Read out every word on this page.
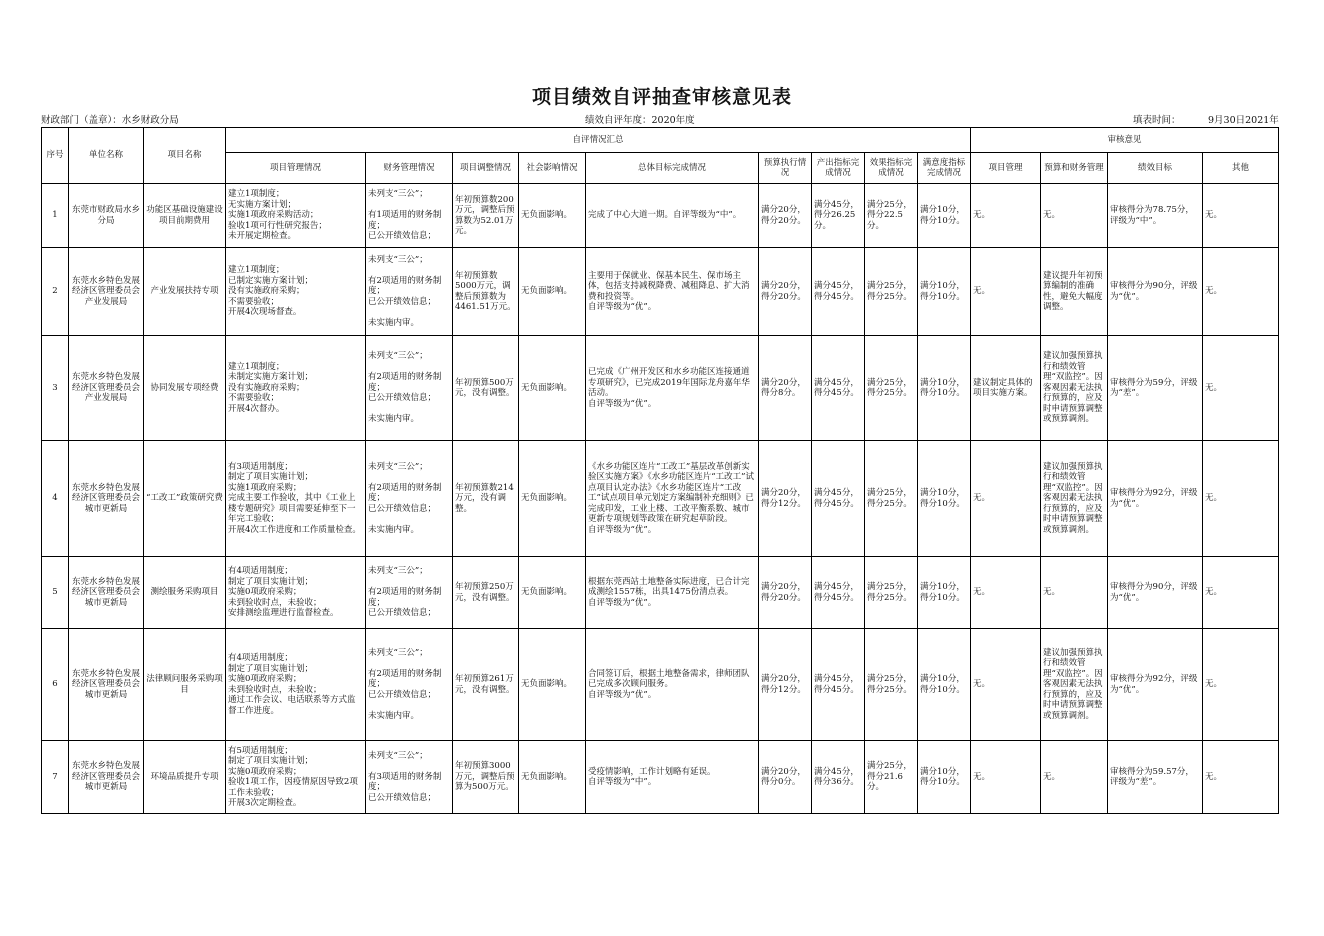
项目绩效自评抽查审核意见表
财政部门（盖章）：水乡财政分局	绩效自评年度：2020年度	填表时间：	9月30日2021年
序号	单位名称	项目名称	自评情况汇总									审核意见			
			项目管理情况	财务管理情况	项目调整情况	社会影响情况	总体目标完成情况	预算执行情况	产出指标完成情况	效果指标完成情况	满意度指标完成情况	项目管理	预算和财务管理	绩效目标	其他
1	东莞市财政局水乡分局	功能区基础设施建设项目前期费用	建立1项制度；
无实施方案计划；
实施1项政府采购活动；
验收1项可行性研究报告；
未开展定期检查。	未列支“三公”；
有1项适用的财务制度；
已公开绩效信息；	年初预算数200万元，调整后预算数为52.01万元。	无负面影响。	完成了中心大道一期。自评等级为“中”。	满分20分，得分20分。	满分45分，得分26.25分。	满分25分，得分22.5分。	满分10分，得分10分。	无。	无。	审核得分为78.75分，评级为“中”。	无。
2	东莞水乡特色发展经济区管理委员会产业发展局	产业发展扶持专项	建立1项制度；
已制定实施方案计划；
没有实施政府采购；
不需要验收；
开展4次现场督查。	未列支“三公”；
有2项适用的财务制度；
已公开绩效信息；
未实施内审。	年初预算数5000万元，调整后预算数为4461.51万元。	无负面影响。	主要用于保就业、保基本民生、保市场主体，包括支持减税降费、减租降息、扩大消费和投资等。
自评等级为“优”。	满分20分，得分20分。	满分45分，得分45分。	满分25分，得分25分。	满分10分，得分10分。	无。	建议提升年初预算编制的准确性，避免大幅度调整。	审核得分为90分，评级为“优”。	无。
3	东莞水乡特色发展经济区管理委员会产业发展局	协同发展专项经费	建立1项制度；
未制定实施方案计划；
没有实施政府采购；
不需要验收；
开展4次督办。	未列支“三公”；
有2项适用的财务制度；
已公开绩效信息；
未实施内审。	年初预算500万元，没有调整。	无负面影响。	已完成《广州开发区和水乡功能区连接通道专项研究》，已完成2019年国际龙舟嘉年华活动。
自评等级为“优”。	满分20分，得分8分。	满分45分，得分45分。	满分25分，得分25分。	满分10分，得分10分。	建议制定具体的项目实施方案。	建议加强预算执行和绩效管理“双监控”。因客观因素无法执行预算的，应及时申请预算调整或预算调剂。	审核得分为59分，评级为“差”。	无。
4	东莞水乡特色发展经济区管理委员会城市更新局	“工改工”政策研究费	有3项适用制度；
制定了项目实施计划；
实施1项政府采购；
完成主要工作验收，其中《工业上楼专题研究》项目需要延伸至下一年完工验收；
开展4次工作进度和工作质量检查。	未列支“三公”；
有2项适用的财务制度；
已公开绩效信息；
未实施内审。	年初预算数214万元，没有调整。	无负面影响。	《水乡功能区连片“工改工”基层改革创新实验区实施方案》《水乡功能区连片“工改工”试点项目认定办法》《水乡功能区连片“工改工”试点项目单元划定方案编制补充细则》已完成印发，工业上楼、工改平衡系数、城市更新专项规划等政策在研究起草阶段。
自评等级为“优”。	满分20分，得分12分。	满分45分，得分45分。	满分25分，得分25分。	满分10分，得分10分。	无。	建议加强预算执行和绩效管理“双监控”。因客观因素无法执行预算的，应及时申请预算调整或预算调剂。	审核得分为92分，评级为“优”。	无。
5	东莞水乡特色发展经济区管理委员会城市更新局	测绘服务采购项目	有4项适用制度；
制定了项目实施计划；
实施0项政府采购；
未到验收时点，未验收；
安排测绘监理进行监督检查。	未列支“三公”；
有2项适用的财务制度；
已公开绩效信息；	年初预算250万元，没有调整。	无负面影响。	根据东莞西站土地整备实际进度，已合计完成测绘1557栋，出具1475份清点表。
自评等级为“优”。	满分20分，得分20分。	满分45分，得分45分。	满分25分，得分25分。	满分10分，得分10分。	无。	无。	审核得分为90分，评级为“优”。	无。
6	东莞水乡特色发展经济区管理委员会城市更新局	法律顾问服务采购项目	有4项适用制度；
制定了项目实施计划；
实施0项政府采购；
未到验收时点，未验收；
通过工作会议、电话联系等方式监督工作进度。	未列支“三公”；
有2项适用的财务制度；
已公开绩效信息；
未实施内审。	年初预算261万元，没有调整。	无负面影响。	合同签订后，根据土地整备需求，律师团队已完成多次顾问服务。
自评等级为“优”。	满分20分，得分12分。	满分45分，得分45分。	满分25分，得分25分。	满分10分，得分10分。	无。	建议加强预算执行和绩效管理“双监控”。因客观因素无法执行预算的，应及时申请预算调整或预算调剂。	审核得分为92分，评级为“优”。	无。
7	东莞水乡特色发展经济区管理委员会城市更新局	环境品质提升专项	有5项适用制度；
制定了项目实施计划；
实施0项政府采购；
验收1项工作，因疫情原因导致2项工作未验收；
开展3次定期检查。	未列支“三公”；
有3项适用的财务制度；
已公开绩效信息；	年初预算3000万元，调整后预算为500万元。	无负面影响。	受疫情影响，工作计划略有延误。
自评等级为“中”。	满分20分，得分0分。	满分45分，得分36分。	满分25分，得分21.6分。	满分10分，得分10分。	无。	无。	审核得分为59.57分，评级为“差”。	无。
